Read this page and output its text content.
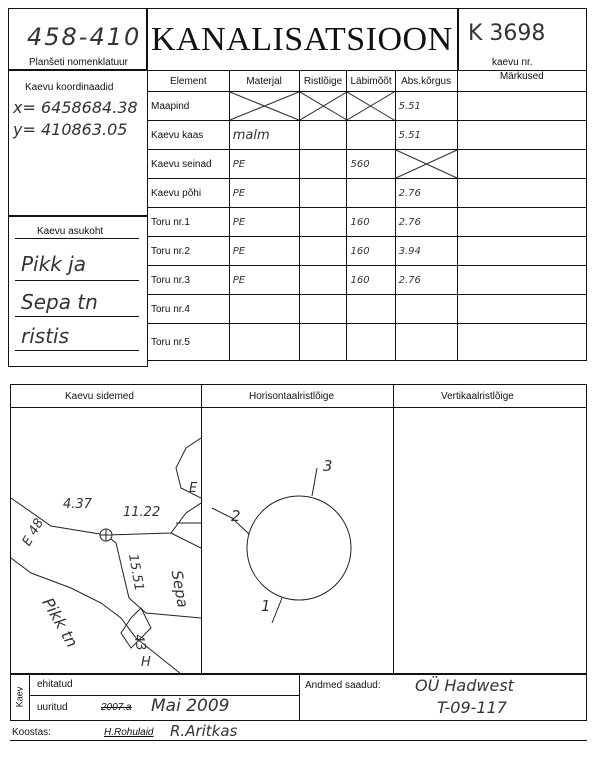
458-410
Planšeti nomenklatuur
KANALISATSIOON K 3698
kaevu nr.
Kaevu koordinaadid
x= 6458684.38
y= 410863.05
Kaevu asukoht
Pikk ja
Sepa tn
ristis
Element	Materjal	Ristlõige	Läbimõõt	Abs.kõrgus	Märkused
Maapind				5.51	
Kaevu kaas	malm			5.51	
Kaevu seinad	PE		560	

Kaevu põhi	PE			2.76	
Toru nr.1	PE		160	2.76	
Toru nr.2	PE		160	3.94	
Toru nr.3	PE		160	2.76	
Toru nr.4					
Toru nr.5					
Kaevu sidemed	Horisontaalristlõige	Vertikaalristlõige
4.37
11.22
15.51
E 48
E
43
H
Pikk tn
Sepa	1
2
3
Kaev
ehitatud
uuritud	2007.a Mai 2009
Andmed saadud: OÜ Hadwest
T-09-117
Koostas:	H.Rohulaid R.Aritkas
